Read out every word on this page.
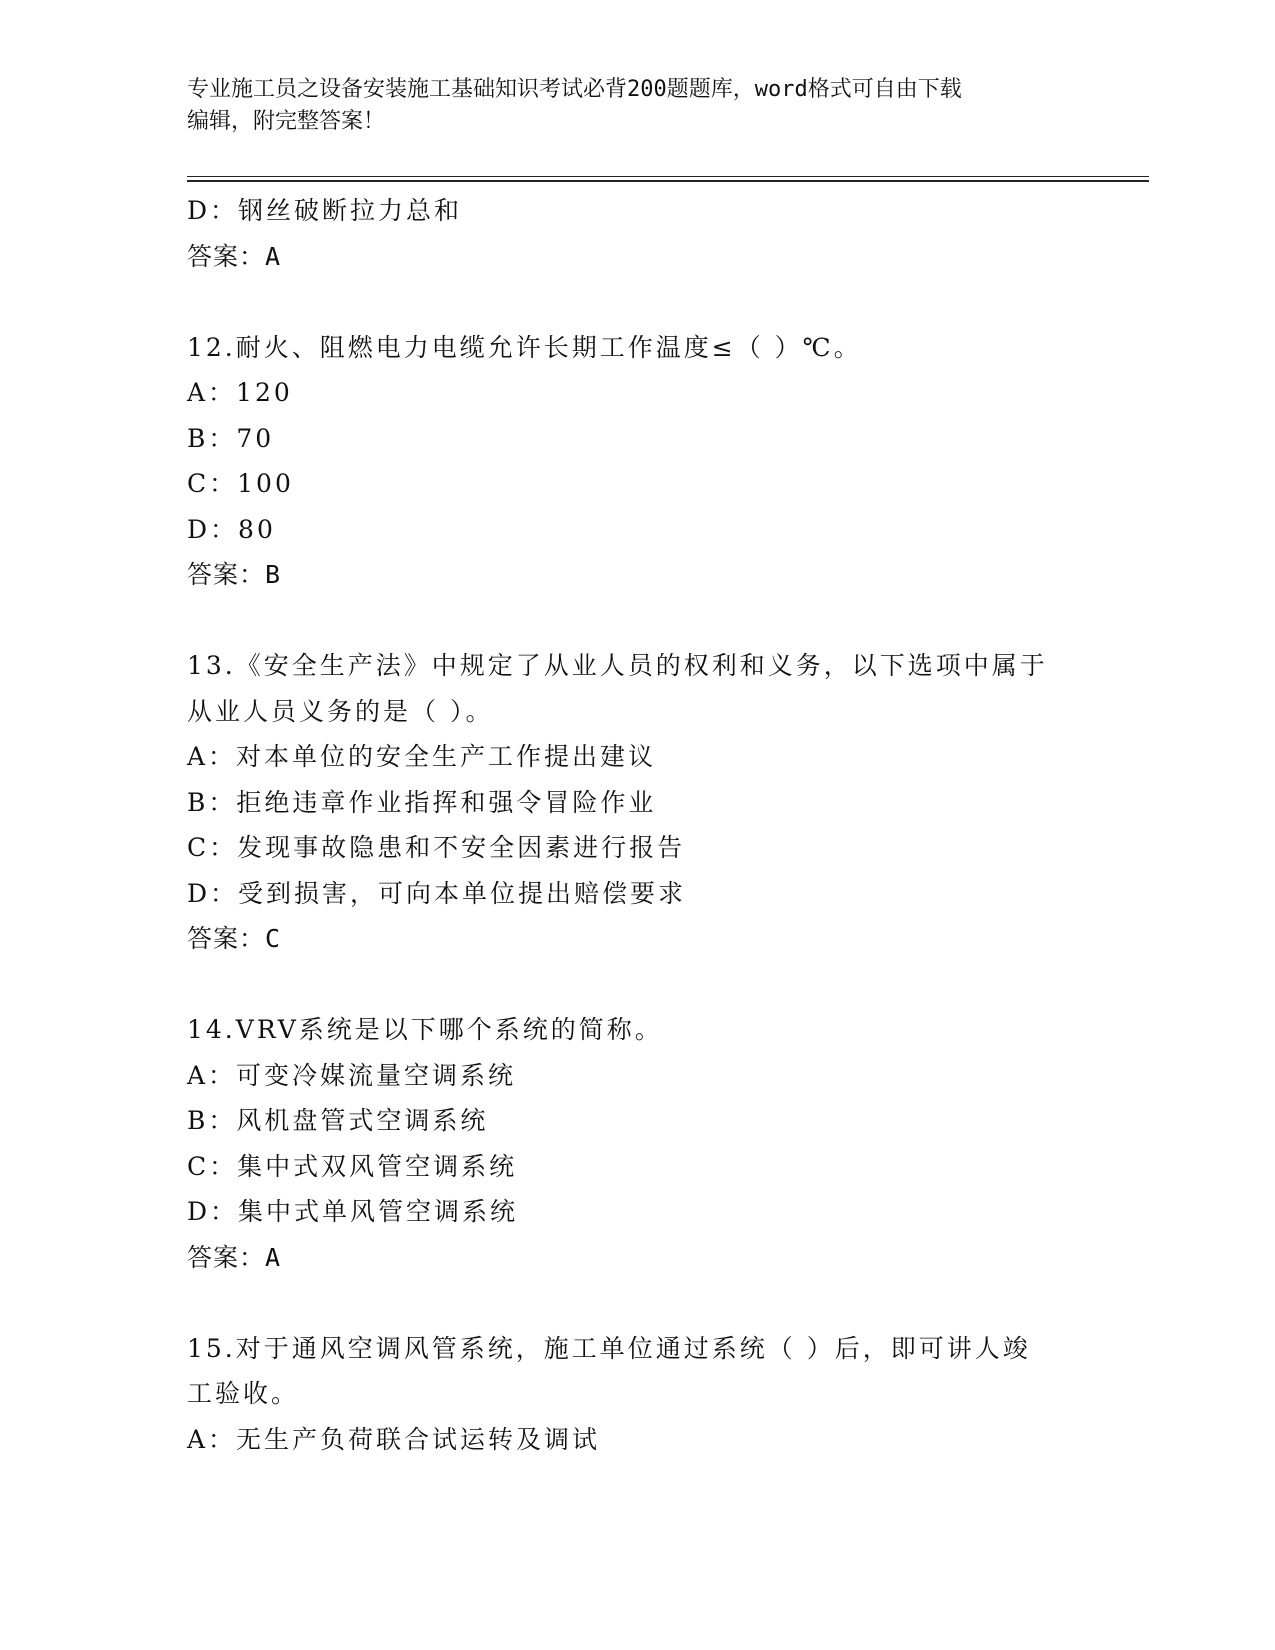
专业施工员之设备安装施工基础知识考试必背200题题库，word格式可自由下载
编辑，附完整答案！
D：钢丝破断拉力总和
答案：A
12.耐火、阻燃电力电缆允许长期工作温度≤（ ）℃。
A：120
B：70
C：100
D：80
答案：B
13.《安全生产法》中规定了从业人员的权利和义务，以下选项中属于
从业人员义务的是（ ）。
A：对本单位的安全生产工作提出建议
B：拒绝违章作业指挥和强令冒险作业
C：发现事故隐患和不安全因素进行报告
D：受到损害，可向本单位提出赔偿要求
答案：C
14.VRV系统是以下哪个系统的简称。
A：可变冷媒流量空调系统
B：风机盘管式空调系统
C：集中式双风管空调系统
D：集中式单风管空调系统
答案：A
15.对于通风空调风管系统，施工单位通过系统（ ）后，即可讲人竣
工验收。
A：无生产负荷联合试运转及调试
